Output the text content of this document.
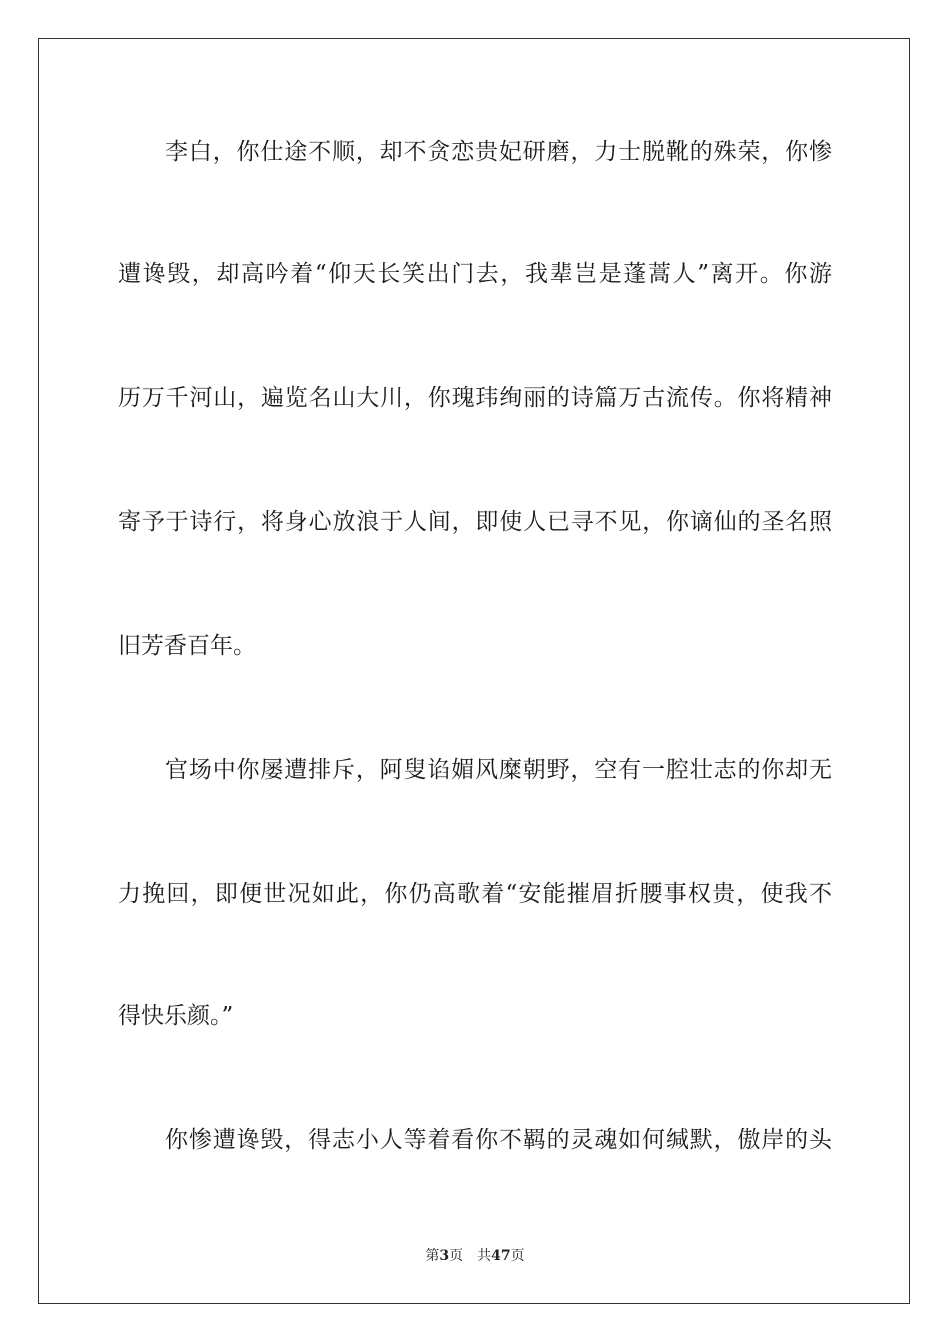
李白，你仕途不顺，却不贪恋贵妃研磨，力士脱靴的殊荣，你惨
遭谗毁，却高吟着“仰天长笑出门去，我辈岂是蓬蒿人”离开。你游
历万千河山，遍览名山大川，你瑰玮绚丽的诗篇万古流传。你将精神
寄予于诗行，将身心放浪于人间，即使人已寻不见，你谪仙的圣名照
旧芳香百年。
官场中你屡遭排斥，阿叟谄媚风糜朝野，空有一腔壮志的你却无
力挽回，即便世况如此，你仍高歌着“安能摧眉折腰事权贵，使我不
得快乐颜。”
你惨遭谗毁，得志小人等着看你不羁的灵魂如何缄默，傲岸的头
第3页 共47页
